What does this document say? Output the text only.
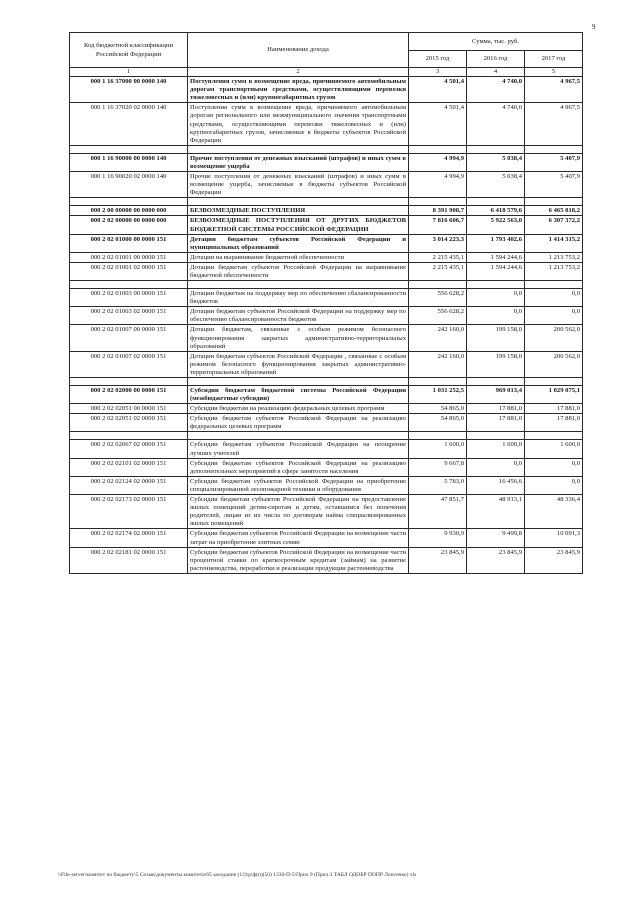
9
Код бюджетной классификации Российской Федерации	Наименование дохода	Сумма, тыс. руб.		
		2015 год	2016 год	2017 год
1	2	3	4	5
000 1 16 37000 00 0000 140	Поступления сумм в возмещение вреда, причиняемого автомобильным дорогам транспортными средствами, осуществляющими перевозки тяжеловесных и (или) крупногабаритных грузов	4 501,4	4 740,0	4 967,5
000 1 16 37020 02 0000 140	Поступления сумм в возмещение вреда, причиняемого автомобильным дорогам регионального или межмуниципального значения транспортными средствами, осуществляющими перевозки тяжеловесных и (или) крупногабаритных грузов, зачисляемые в бюджеты субъектов Российской Федерации	4 501,4	4 740,0	4 967,5

000 1 16 90000 00 0000 140	Прочие поступления от денежных взысканий (штрафов) и иных сумм в возмещение ущерба	4 994,9	5 038,4	5 407,9
000 1 16 90020 02 0000 140	Прочие поступления от денежных взысканий (штрафов) и иных сумм в возмещение ущерба, зачисляемые в бюджеты субъектов Российской Федерации	4 994,9	5 038,4	5 407,9

000 2 00 00000 00 0000 000	БЕЗВОЗМЕЗДНЫЕ ПОСТУПЛЕНИЯ	8 391 908,7	6 418 579,6	6 465 018,2
000 2 02 00000 00 0000 000	БЕЗВОЗМЕЗДНЫЕ ПОСТУПЛЕНИЯ ОТ ДРУГИХ БЮДЖЕТОВ БЮДЖЕТНОЙ СИСТЕМЫ РОССИЙСКОЙ ФЕДЕРАЦИИ	7 816 606,7	5 922 563,0	6 307 372,2
000 2 02 01000 00 0000 151	Дотации бюджетам субъектов Российской Федерации и муниципальных образований	3 014 223,3	1 793 402,6	1 414 315,2
000 2 02 01001 00 0000 151	Дотации на выравнивание бюджетной обеспеченности	2 215 435,1	1 594 244,6	1 213 753,2
000 2 02 01001 02 0000 151	Дотации бюджетам субъектов Российской Федерации на выравнивание бюджетной обеспеченности	2 215 435,1	1 594 244,6	1 213 753,2

000 2 02 01003 00 0000 151	Дотации бюджетам на поддержку мер по обеспечению сбалансированности бюджетов	556 628,2	0,0	0,0
000 2 02 01003 02 0000 151	Дотации бюджетам субъектов Российской Федерации на поддержку мер по обеспечению сбалансированности бюджетов	556 628,2	0,0	0,0
000 2 02 01007 00 0000 151	Дотации бюджетам, связанные с особым режимом безопасного функционирования закрытых административно-территориальных образований	242 160,0	199 158,0	200 562,0
000 2 02 01007 02 0000 151	Дотации бюджетам субъектов Российской Федерации , связанные с особым режимом безопасного функционирования закрытых административно-территориальных образований	242 160,0	199 158,0	200 562,0

000 2 02 02000 00 0000 151	Субсидии бюджетам бюджетной системы Российской Федерации (межбюджетные субсидии)	1 031 252,5	969 013,4	1 029 075,1
000 2 02 02051 00 0000 151	Субсидии бюджетам на реализацию федеральных целевых программ	54 865,0	17 881,0	17 881,0
000 2 02 02051 02 0000 151	Субсидии бюджетам субъектов Российской Федерации на реализацию федеральных целевых программ	54 865,0	17 881,0	17 881,0

000 2 02 02067 02 0000 151	Субсидии бюджетам субъектов Российской Федерации на поощрение лучших учителей	1 600,0	1 600,0	1 600,0
000 2 02 02101 02 0000 151	Субсидии бюджетам субъектов Российской Федерации на реализацию дополнительных мероприятий в сфере занятости населения	9 667,8	0,0	0,0
000 2 02 02124 02 0000 151	Субсидии бюджетам субъектов Российской Федерации на приобретение специализированной лесопожарной техники и оборудования	5 783,0	16 456,6	0,0
000 2 02 02173 02 0000 151	Субсидии бюджетам субъектов Российской Федерации на предоставление жилых помещений детям-сиротам и детям, оставшимся без попечения родителей, лицам из их числа по договорам найма специализированных жилых помещений	47 851,7	48 913,1	48 336,4
000 2 02 02174 02 0000 151	Субсидии бюджетам субъектов Российской Федерации на возмещение части затрат на приобретение элитных семян	9 930,9	9 499,8	10 091,3
000 2 02 02181 02 0000 151	Субсидии бюджетам субъектов Российской Федерации на возмещение части процентной ставки по краткосрочным кредитам (займам) на развитие растениеводства, переработки и реализации продукции растениеводства	23 845,9	23 845,9	23 845,9
\\File-server\комитет по бюджету\5 Созыв\документы комитета\65 заседание (12)\р\ф(п)(50) 1330-П-5\Прил 9 (Прил.3 ТАБЛ ОДОБР ПОПР Лопсенко) xls
